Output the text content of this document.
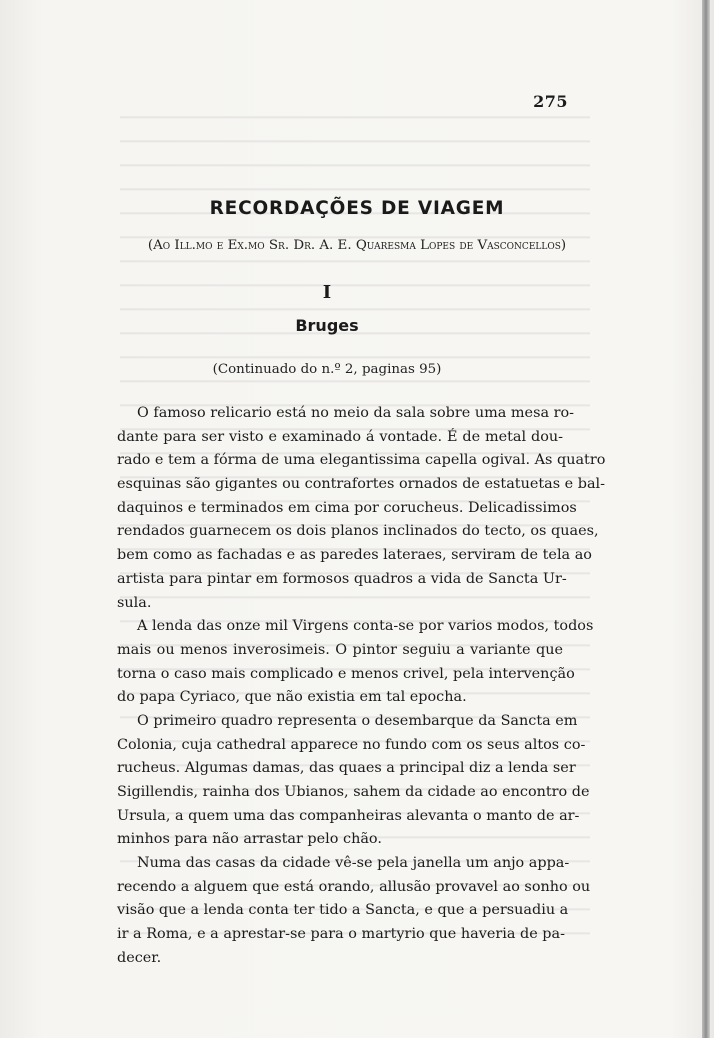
275
RECORDAÇÕES DE VIAGEM
(Ao Ill.mo e Ex.mo Sr. Dr. A. E. Quaresma Lopes de Vasconcellos)
I
Bruges
(Continuado do n.º 2, paginas 95)
O famoso relicario está no meio da sala sobre uma mesa ro-
dante para ser visto e examinado á vontade. É de metal dou-
rado e tem a fórma de uma elegantissima capella ogival. As quatro
esquinas são gigantes ou contrafortes ornados de estatuetas e bal-
daquinos e terminados em cima por corucheus. Delicadissimos
rendados guarnecem os dois planos inclinados do tecto, os quaes,
bem como as fachadas e as paredes lateraes, serviram de tela ao
artista para pintar em formosos quadros a vida de Sancta Ur-
sula.
A lenda das onze mil Virgens conta-se por varios modos, todos
mais ou menos inverosimeis. O pintor seguiu a variante que
torna o caso mais complicado e menos crivel, pela intervenção
do papa Cyriaco, que não existia em tal epocha.
O primeiro quadro representa o desembarque da Sancta em
Colonia, cuja cathedral apparece no fundo com os seus altos co-
rucheus. Algumas damas, das quaes a principal diz a lenda ser
Sigillendis, rainha dos Ubianos, sahem da cidade ao encontro de
Ursula, a quem uma das companheiras alevanta o manto de ar-
minhos para não arrastar pelo chão.
Numa das casas da cidade vê-se pela janella um anjo appa-
recendo a alguem que está orando, allusão provavel ao sonho ou
visão que a lenda conta ter tido a Sancta, e que a persuadiu a
ir a Roma, e a aprestar-se para o martyrio que haveria de pa-
decer.
